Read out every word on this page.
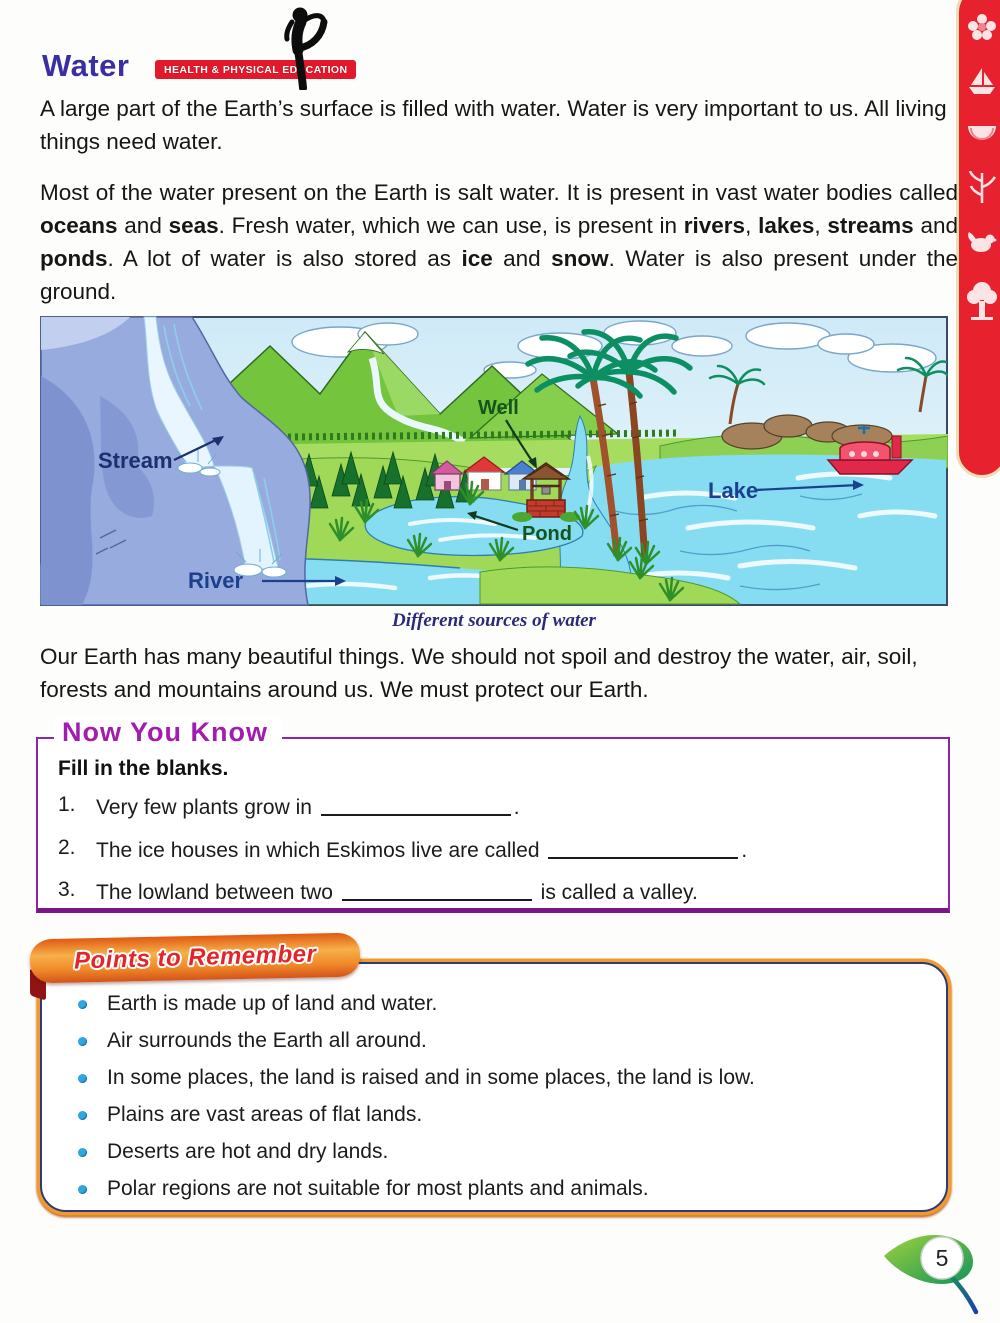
Water	HEALTH & PHYSICAL EDUCATION

A large part of the Earth’s surface is filled with water. Water is very important to us. All living things need water.

Most of the water present on the Earth is salt water. It is present in vast water bodies called oceans and seas. Fresh water, which we can use, is present in rivers, lakes, streams and ponds. A lot of water is also stored as ice and snow. Water is also present under the ground.

Stream
Well
Pond
Lake
River
Different sources of water

Our Earth has many beautiful things. We should not spoil and destroy the water, air, soil, forests and mountains around us. We must protect our Earth.

Now You Know
Fill in the blanks.
1. Very few plants grow in	.
2. The ice houses in which Eskimos live are called	.
3. The lowland between two	is called a valley.
Earth is made up of land and water.
Air surrounds the Earth all around.
In some places, the land is raised and in some places, the land is low.
Plains are vast areas of flat lands.
Deserts are hot and dry lands.
Polar regions are not suitable for most plants and animals.
Points to Remember
5
